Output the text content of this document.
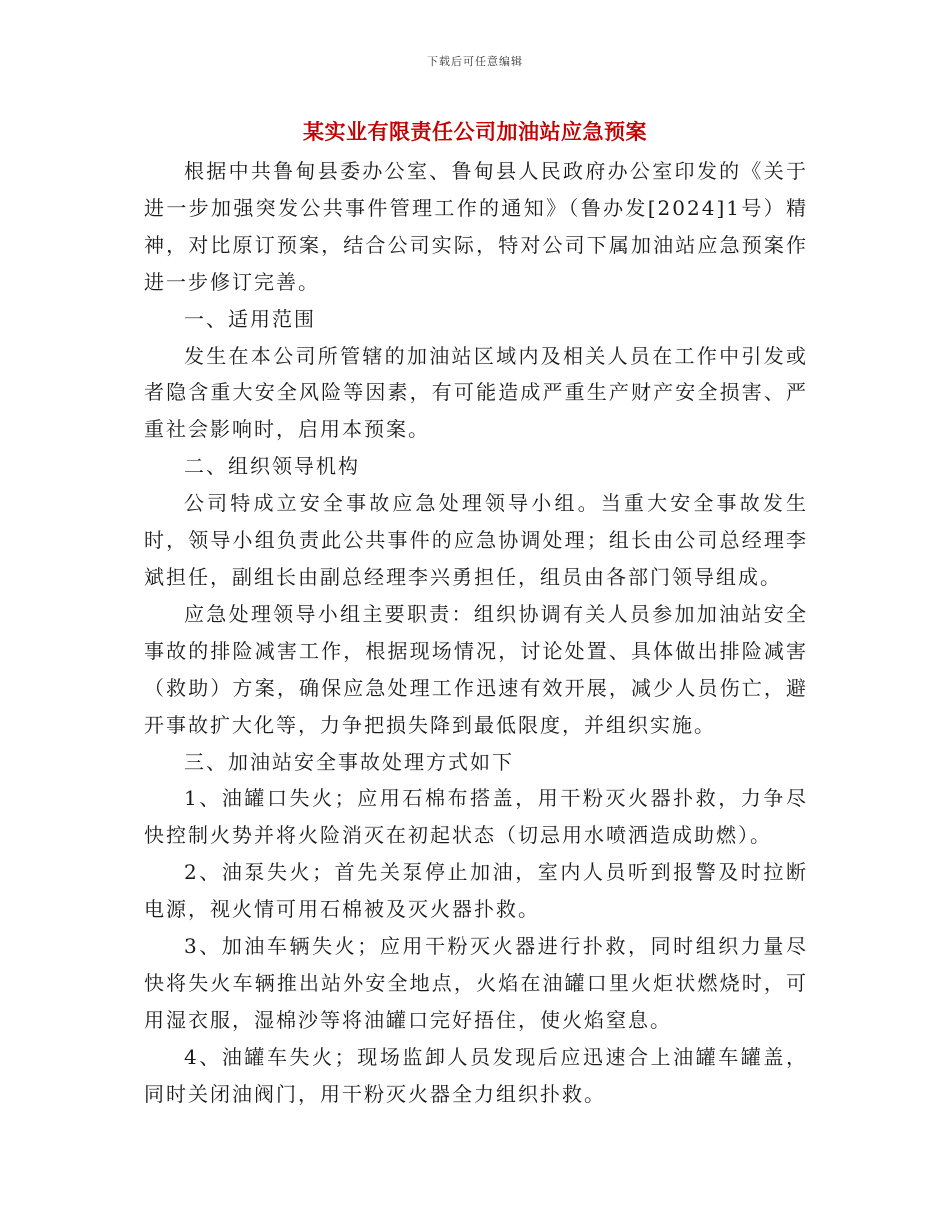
下载后可任意编辑
某实业有限责任公司加油站应急预案

根据中共鲁甸县委办公室、鲁甸县人民政府办公室印发的《关于进一步加强突发公共事件管理工作的通知》（鲁办发[2024]1号）精神，对比原订预案，结合公司实际，特对公司下属加油站应急预案作进一步修订完善。

一、适用范围

发生在本公司所管辖的加油站区域内及相关人员在工作中引发或者隐含重大安全风险等因素，有可能造成严重生产财产安全损害、严重社会影响时，启用本预案。

二、组织领导机构

公司特成立安全事故应急处理领导小组。当重大安全事故发生时，领导小组负责此公共事件的应急协调处理；组长由公司总经理李斌担任，副组长由副总经理李兴勇担任，组员由各部门领导组成。

应急处理领导小组主要职责：组织协调有关人员参加加油站安全事故的排险减害工作，根据现场情况，讨论处置、具体做出排险减害（救助）方案，确保应急处理工作迅速有效开展，减少人员伤亡，避开事故扩大化等，力争把损失降到最低限度，并组织实施。

三、加油站安全事故处理方式如下

1、油罐口失火；应用石棉布搭盖，用干粉灭火器扑救，力争尽快控制火势并将火险消灭在初起状态（切忌用水喷洒造成助燃）。

2、油泵失火；首先关泵停止加油，室内人员听到报警及时拉断电源，视火情可用石棉被及灭火器扑救。

3、加油车辆失火；应用干粉灭火器进行扑救，同时组织力量尽快将失火车辆推出站外安全地点，火焰在油罐口里火炬状燃烧时，可用湿衣服，湿棉沙等将油罐口完好捂住，使火焰窒息。

4、油罐车失火；现场监卸人员发现后应迅速合上油罐车罐盖，同时关闭油阀门，用干粉灭火器全力组织扑救。
